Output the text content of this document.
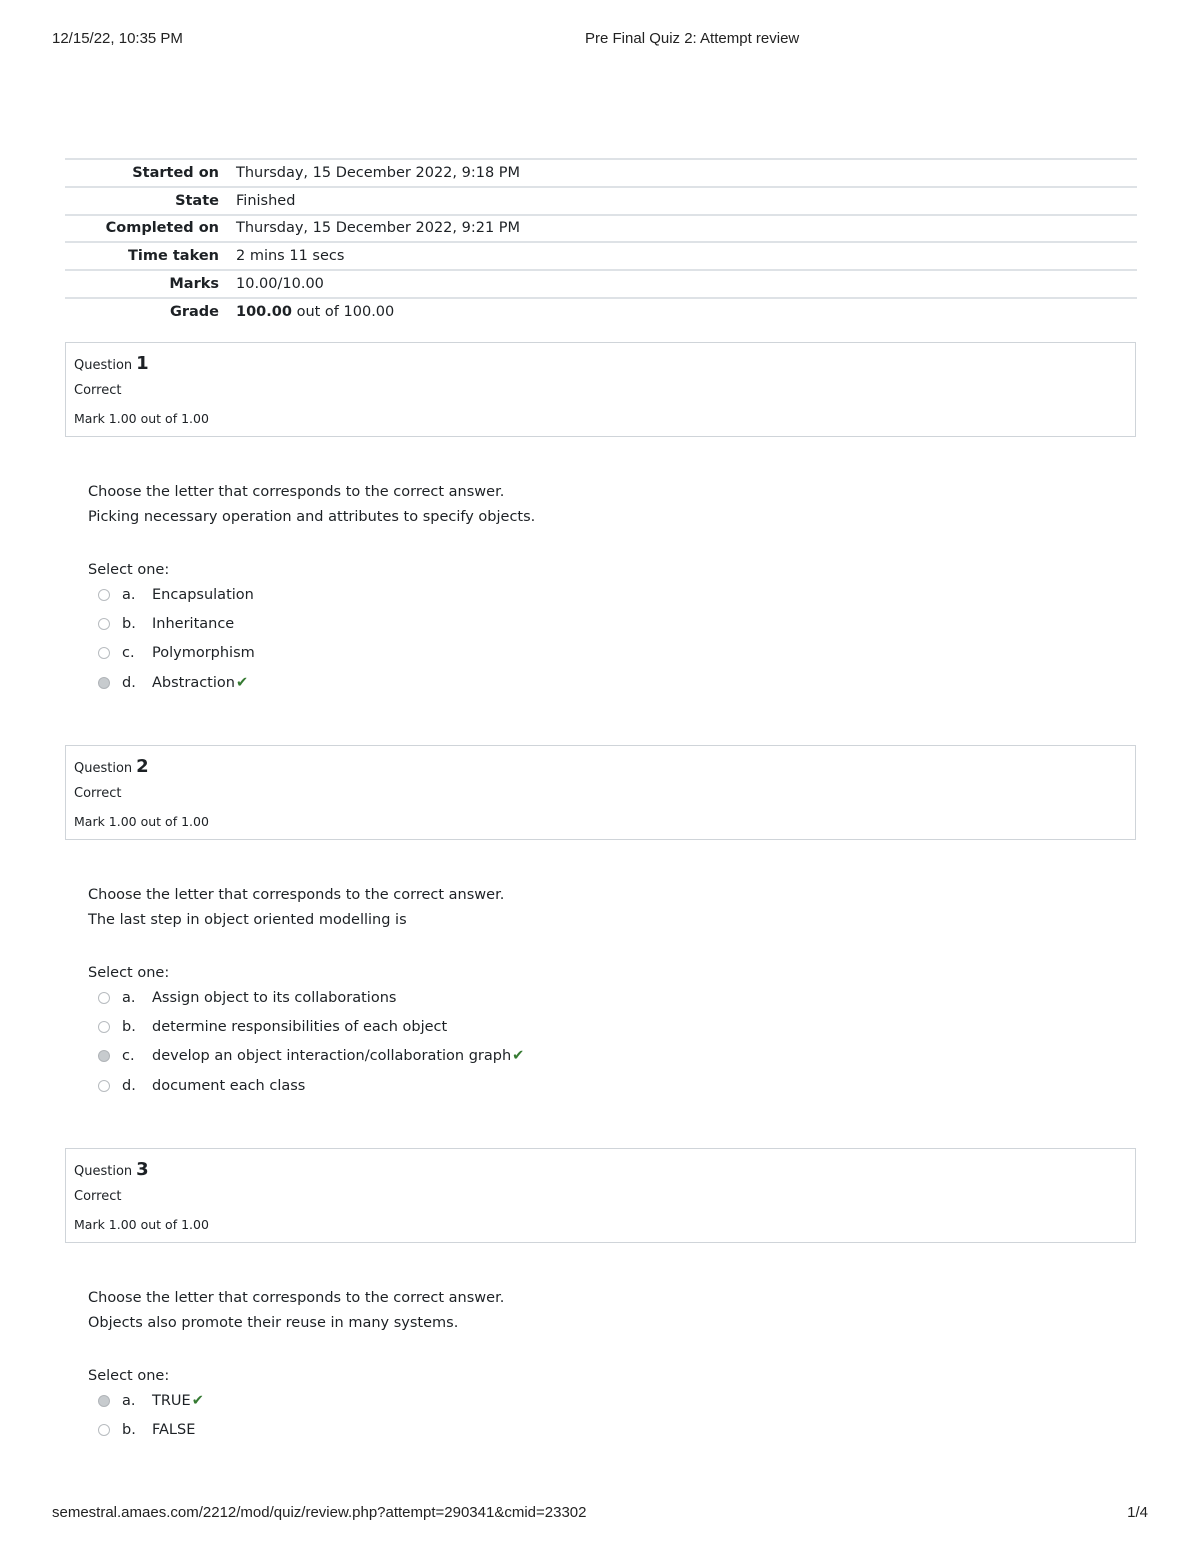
12/15/22, 10:35 PM	Pre Final Quiz 2: Attempt review
Started on	Thursday, 15 December 2022, 9:18 PM
State	Finished
Completed on	Thursday, 15 December 2022, 9:21 PM
Time taken	2 mins 11 secs
Marks	10.00/10.00
Grade	100.00 out of 100.00
Question 1
Correct
Mark 1.00 out of 1.00
Choose the letter that corresponds to the correct answer.
Picking necessary operation and attributes to specify objects.
Select one:
a.	Encapsulation
b.	Inheritance
c.	Polymorphism
d.	Abstraction ✔
Question 2
Correct
Mark 1.00 out of 1.00
Choose the letter that corresponds to the correct answer.
The last step in object oriented modelling is
Select one:
a.	Assign object to its collaborations
b.	determine responsibilities of each object
c.	develop an object interaction/collaboration graph ✔
d.	document each class
Question 3
Correct
Mark 1.00 out of 1.00
Choose the letter that corresponds to the correct answer.
Objects also promote their reuse in many systems.
Select one:
a.	TRUE ✔
b.	FALSE
semestral.amaes.com/2212/mod/quiz/review.php?attempt=290341&cmid=23302	1/4
